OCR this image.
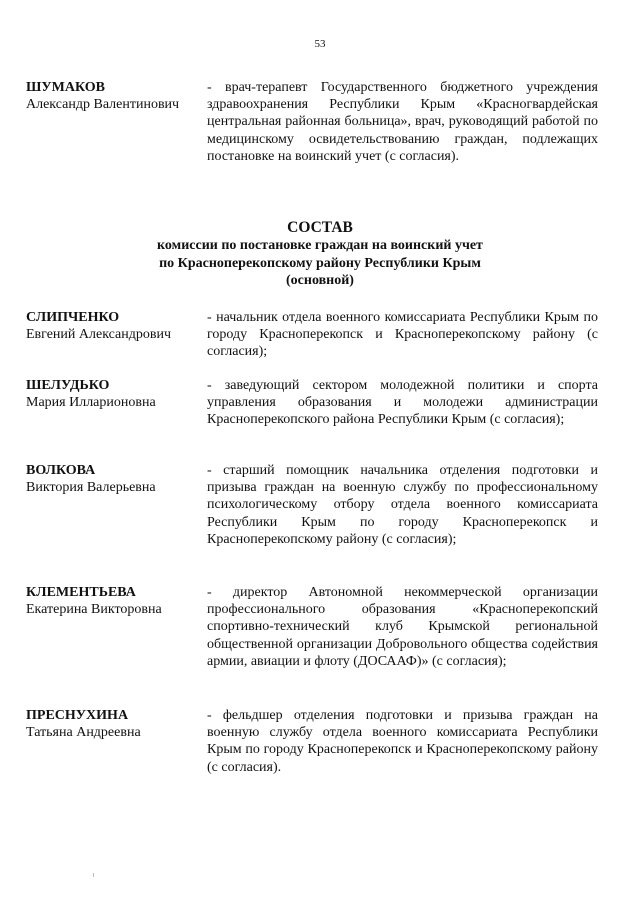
53
ШУМАКОВ
Александр Валентинович
- врач-терапевт Государственного бюджетного учреждения здравоохранения Республики Крым «Красногвардейская центральная районная больница», врач, руководящий работой по медицинскому освидетельствованию граждан, подлежащих постановке на воинский учет (с согласия).
СОСТАВ
комиссии по постановке граждан на воинский учет
по Красноперекопскому району Республики Крым
(основной)
СЛИПЧЕНКО
Евгений Александрович
- начальник отдела военного комиссариата Республики Крым по городу Красноперекопск и Красноперекопскому району (с согласия);
ШЕЛУДЬКО
Мария Илларионовна
- заведующий сектором молодежной политики и спорта управления образования и молодежи администрации Красноперекопского района Республики Крым (с согласия);
ВОЛКОВА
Виктория Валерьевна
- старший помощник начальника отделения подготовки и призыва граждан на военную службу по профессиональному психологическому отбору отдела военного комиссариата Республики Крым по городу Красноперекопск и Красноперекопскому району (с согласия);
КЛЕМЕНТЬЕВА
Екатерина Викторовна
- директор Автономной некоммерческой организации профессионального образования «Красноперекопский спортивно-технический клуб Крымской региональной общественной организации Добровольного общества содействия армии, авиации и флоту (ДОСААФ)» (с согласия);
ПРЕСНУХИНА
Татьяна Андреевна
- фельдшер отделения подготовки и призыва граждан на военную службу отдела военного комиссариата Республики Крым по городу Красноперекопск и Красноперекопскому району (с согласия).
